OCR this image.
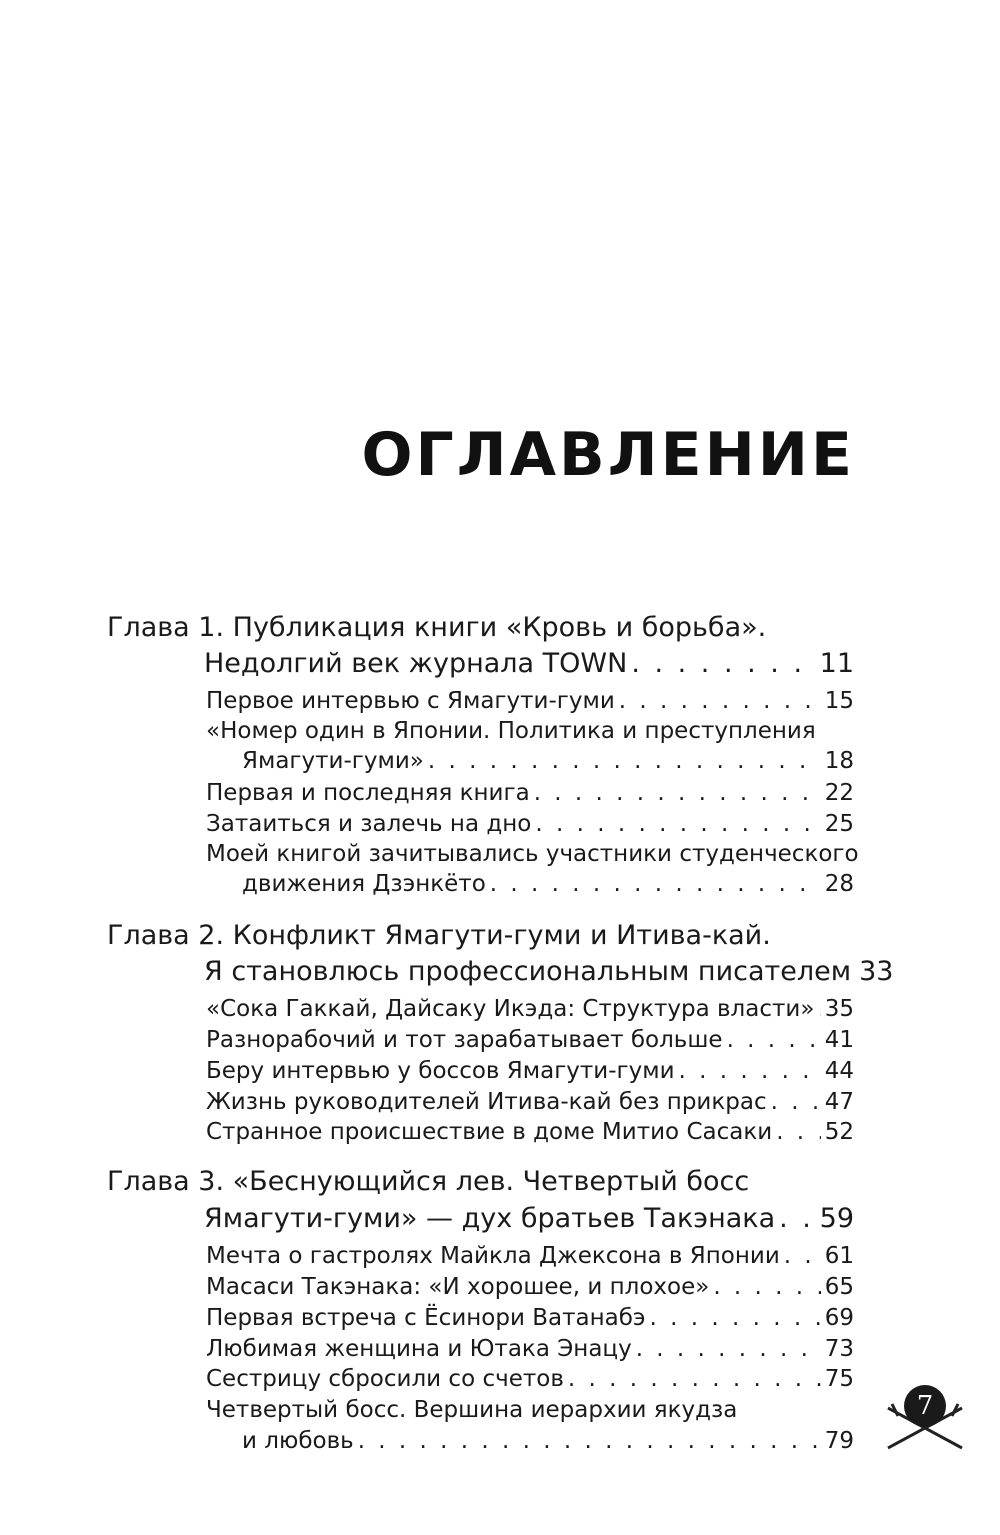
ОГЛАВЛЕНИЕ
Глава 1. Публикация книги «Кровь и борьба».
Недолгий век журнала TOWN . . .	11
Первое интервью с Ямагути-гуми . . .	15
«Номер один в Японии. Политика и преступления
Ямагути-гуми» . . .	18
Первая и последняя книга . . .	22
Затаиться и залечь на дно . . .	25
Моей книгой зачитывались участники студенческого
движения Дзэнкёто . . .	28
Глава 2. Конфликт Ямагути-гуми и Итива-кай.
Я становлюсь профессиональным писателем 33
«Сока Гаккай, Дайсаку Икэда: Структура власти» . . . 35
Разнорабочий и тот зарабатывает больше . . .	41
Беру интервью у боссов Ямагути-гуми . . .	44
Жизнь руководителей Итива-кай без прикрас . . .	47
Странное происшествие в доме Митио Сасаки . . . 52
Глава 3. «Беснующийся лев. Четвертый босс
Ямагути-гуми» — дух братьев Такэнака . . . 59
Мечта о гастролях Майкла Джексона в Японии . . . 61
Масаси Такэнака: «И хорошее, и плохое» . . .	65
Первая встреча с Ёсинори Ватанабэ . . .	69
Любимая женщина и Ютака Энацу . . .	73
Сестрицу сбросили со счетов . . .	75
Четвертый босс. Вершина иерархии якудза
и любовь . . .	79
7
